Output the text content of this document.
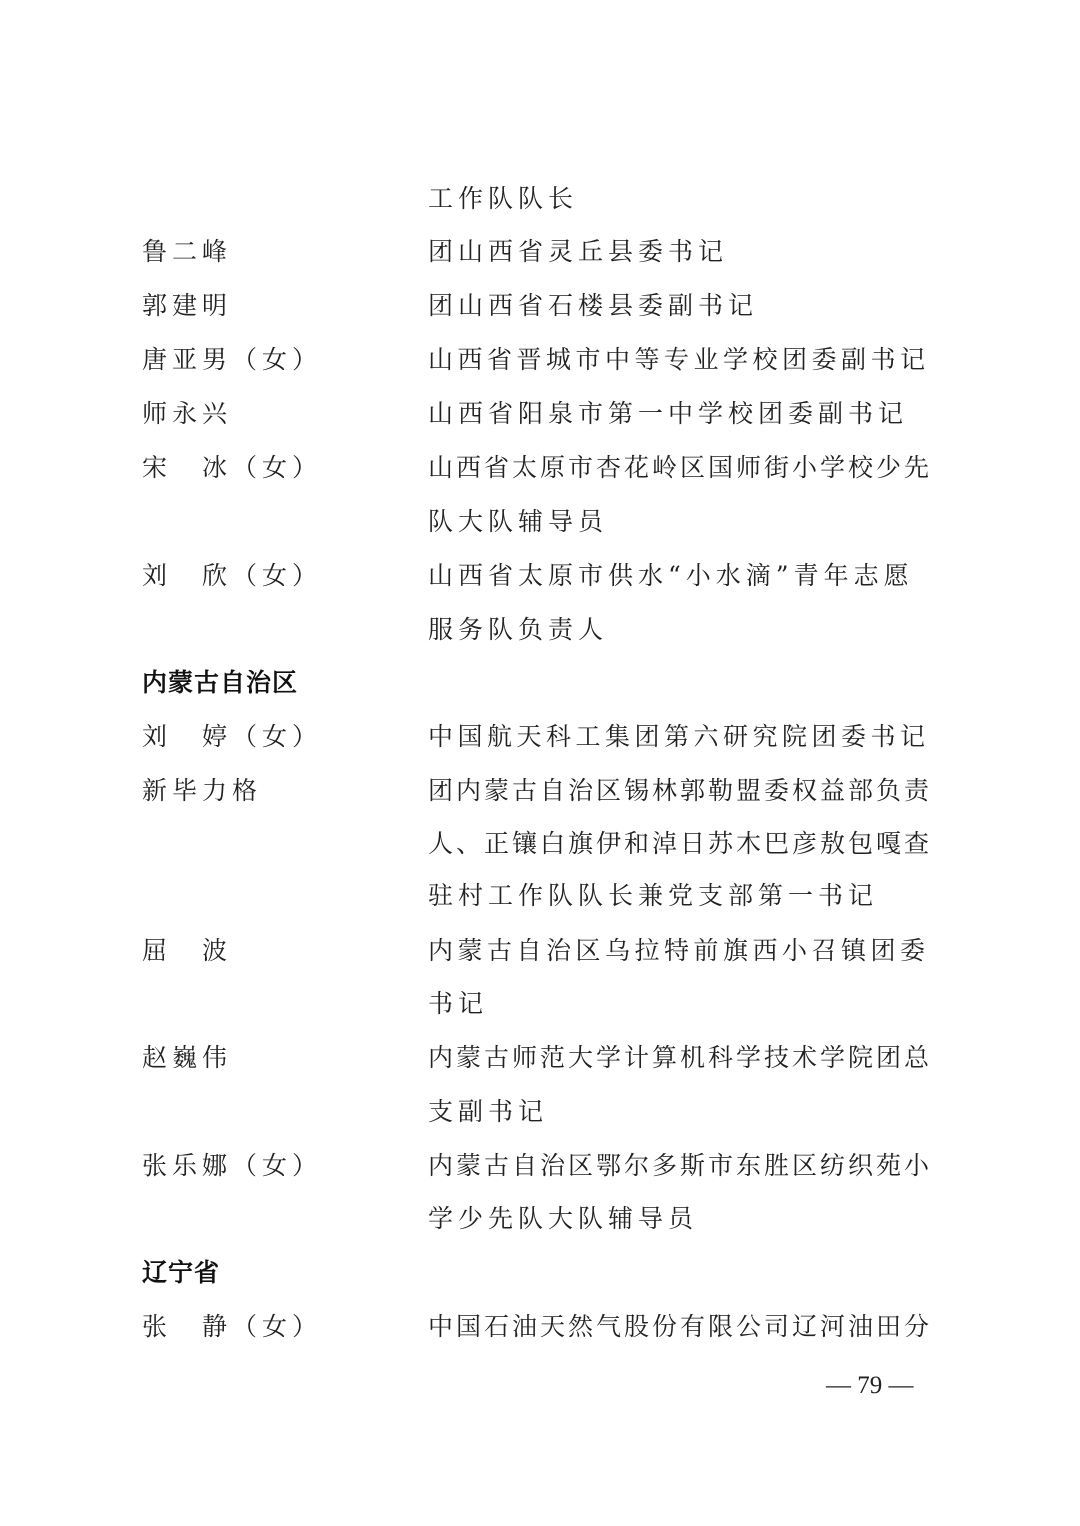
工作队队长
鲁二峰	团山西省灵丘县委书记
郭建明	团山西省石楼县委副书记
唐亚男（女）	山西省晋城市中等专业学校团委副书记
师永兴	山西省阳泉市第一中学校团委副书记
宋　冰（女）	山西省太原市杏花岭区国师街小学校少先
队大队辅导员
刘　欣（女）	山西省太原市供水“小水滴”青年志愿
服务队负责人
内蒙古自治区
刘　婷（女）	中国航天科工集团第六研究院团委书记
新毕力格	团内蒙古自治区锡林郭勒盟委权益部负责
人、正镶白旗伊和淖日苏木巴彦敖包嘎查
驻村工作队队长兼党支部第一书记
屈　波	内蒙古自治区乌拉特前旗西小召镇团委
书记
赵巍伟	内蒙古师范大学计算机科学技术学院团总
支副书记
张乐娜（女）	内蒙古自治区鄂尔多斯市东胜区纺织苑小
学少先队大队辅导员
辽宁省
张　静（女）	中国石油天然气股份有限公司辽河油田分
— 79 —
